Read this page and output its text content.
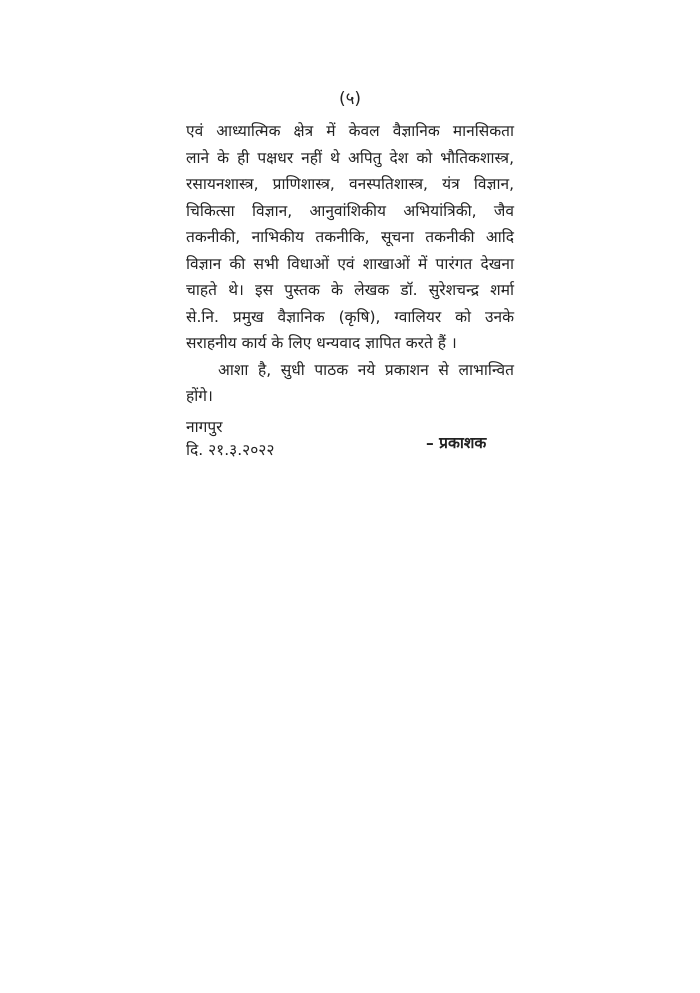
(५)
एवं आध्यात्मिक क्षेत्र में केवल वैज्ञानिक मानसिकता
लाने के ही पक्षधर नहीं थे अपितु देश को भौतिकशास्त्र,
रसायनशास्त्र, प्राणिशास्त्र, वनस्पतिशास्त्र, यंत्र विज्ञान,
चिकित्सा विज्ञान, आनुवांशिकीय अभियांत्रिकी, जैव
तकनीकी, नाभिकीय तकनीकि, सूचना तकनीकी आदि
विज्ञान की सभी विधाओं एवं शाखाओं में पारंगत देखना
चाहते थे। इस पुस्तक के लेखक डॉ. सुरेशचन्द्र शर्मा
से.नि. प्रमुख वैज्ञानिक (कृषि), ग्वालियर को उनके
सराहनीय कार्य के लिए धन्यवाद ज्ञापित करते हैं ।
आशा है, सुधी पाठक नये प्रकाशन से लाभान्वित
होंगे।
नागपुर
दि. २१.३.२०२२	– प्रकाशक
